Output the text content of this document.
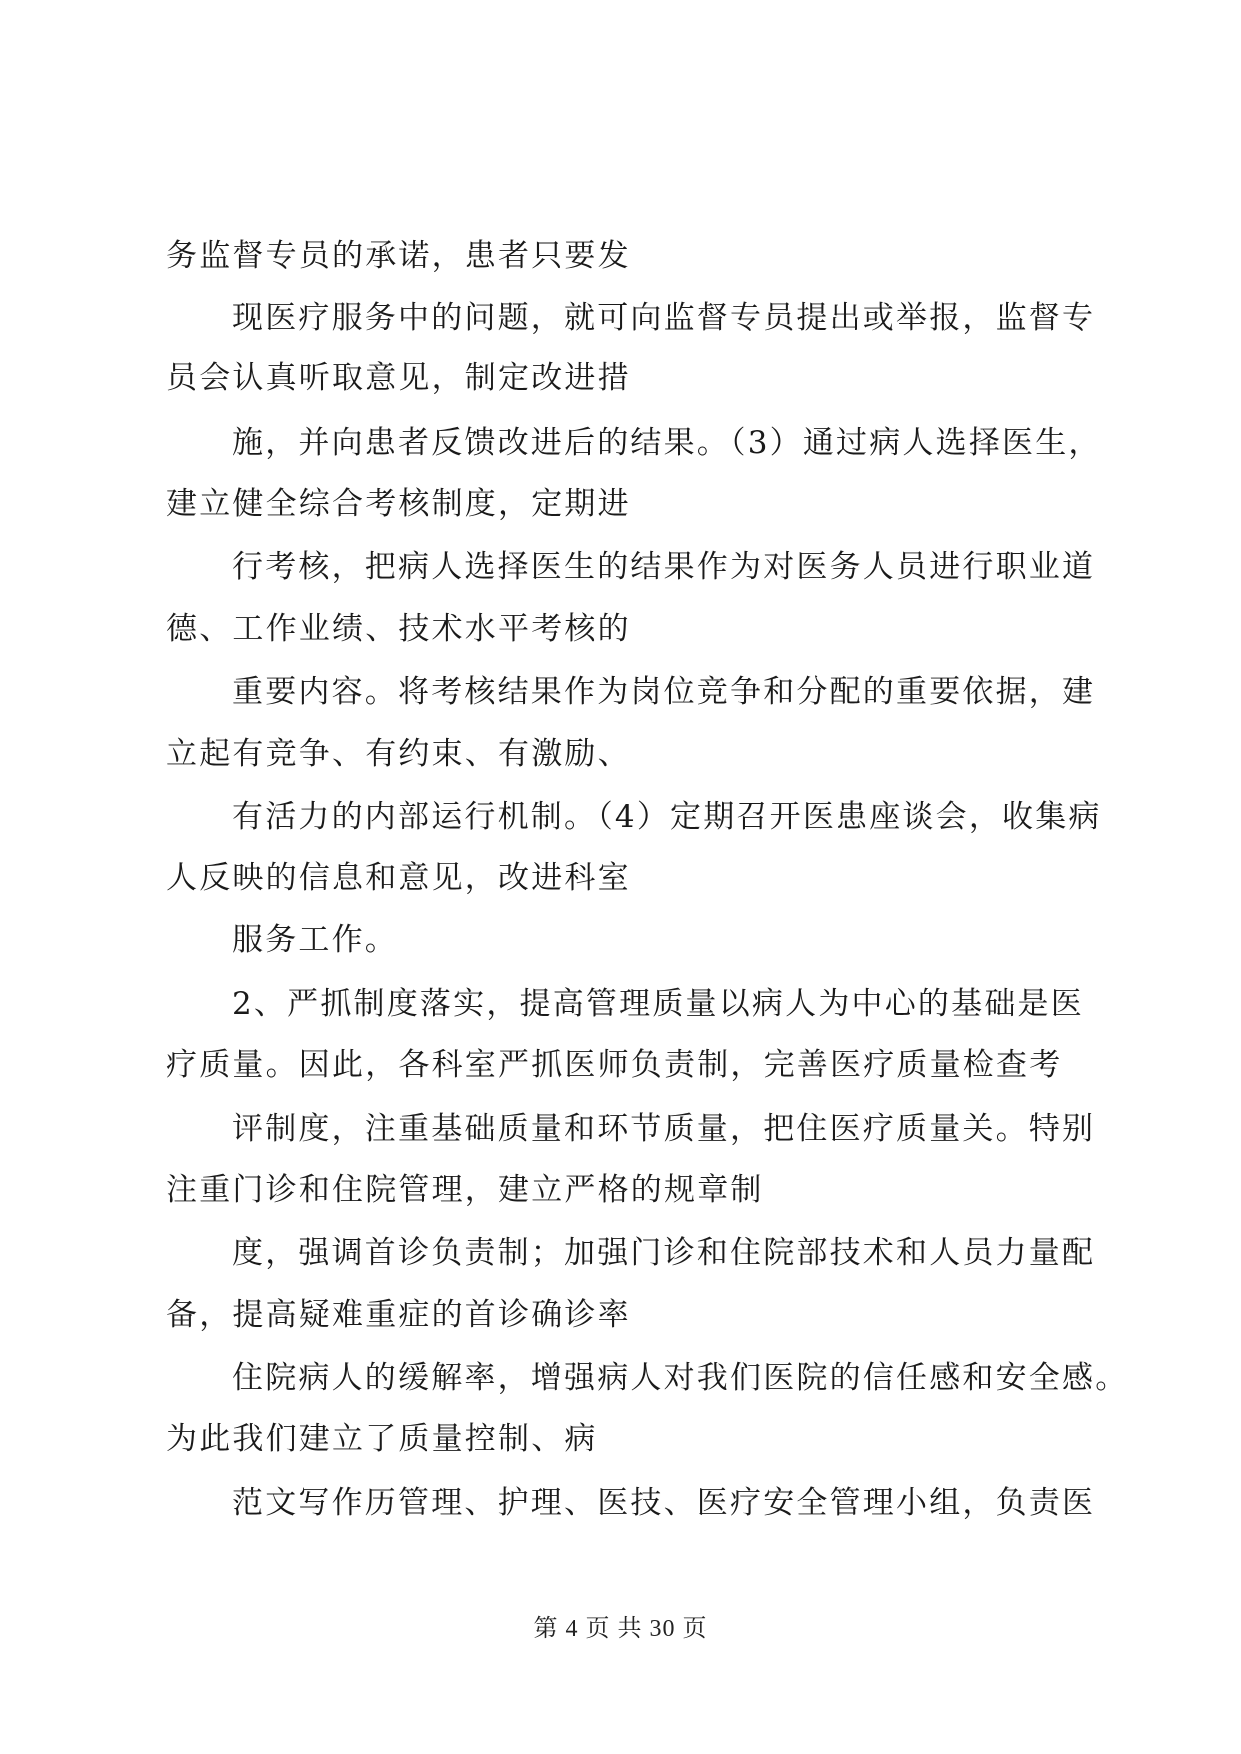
务监督专员的承诺，患者只要发

现医疗服务中的问题，就可向监督专员提出或举报，监督专

员会认真听取意见，制定改进措

施，并向患者反馈改进后的结果。（3）通过病人选择医生，

建立健全综合考核制度，定期进

行考核，把病人选择医生的结果作为对医务人员进行职业道

德、工作业绩、技术水平考核的

重要内容。将考核结果作为岗位竞争和分配的重要依据，建

立起有竞争、有约束、有激励、

有活力的内部运行机制。（4）定期召开医患座谈会，收集病

人反映的信息和意见，改进科室

服务工作。

2、严抓制度落实，提高管理质量以病人为中心的基础是医

疗质量。因此，各科室严抓医师负责制，完善医疗质量检查考

评制度，注重基础质量和环节质量，把住医疗质量关。特别

注重门诊和住院管理，建立严格的规章制

度，强调首诊负责制；加强门诊和住院部技术和人员力量配

备，提高疑难重症的首诊确诊率

住院病人的缓解率，增强病人对我们医院的信任感和安全感。

为此我们建立了质量控制、病

范文写作历管理、护理、医技、医疗安全管理小组，负责医

第 4 页 共 30 页
